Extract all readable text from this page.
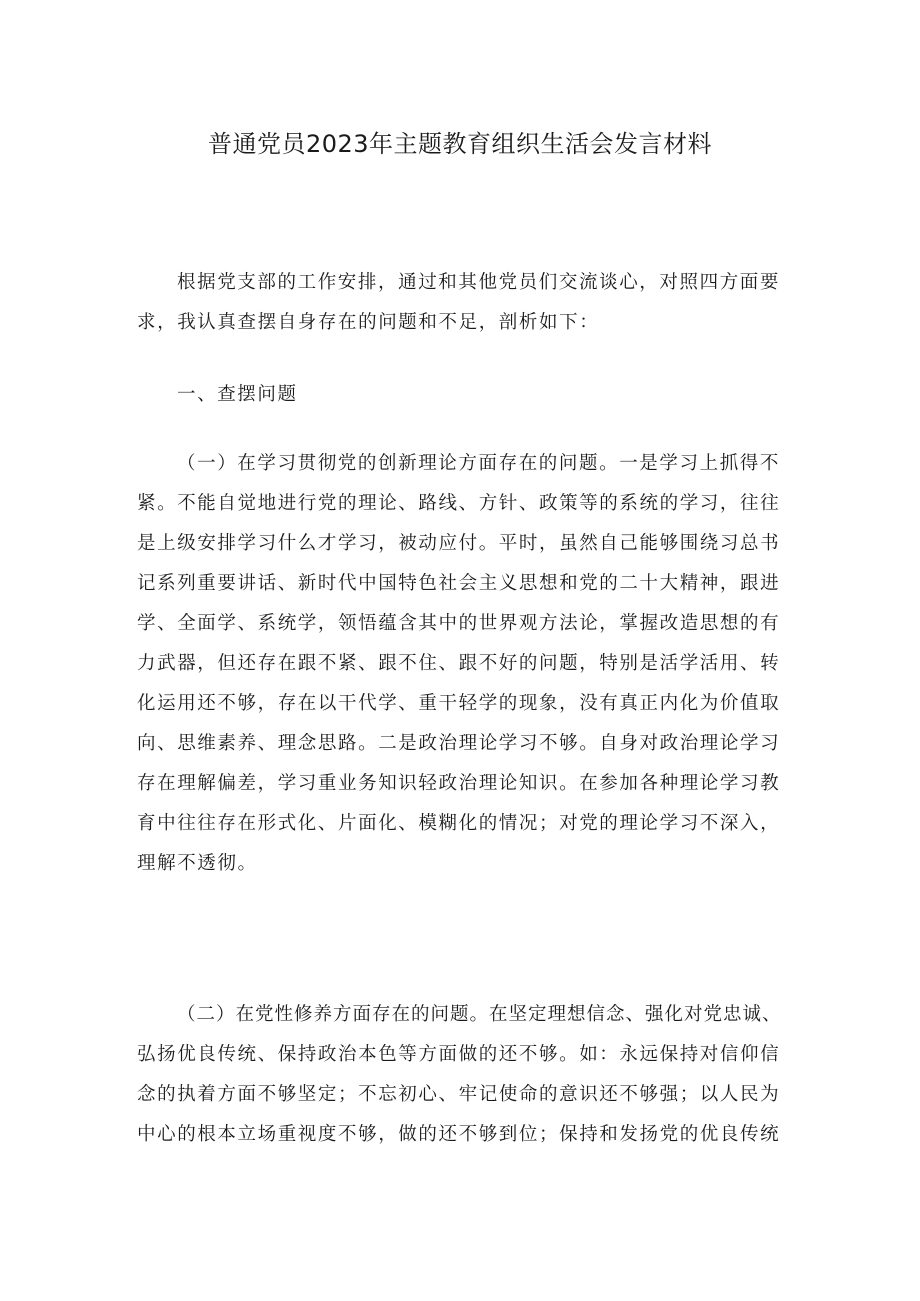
普通党员2023年主题教育组织生活会发言材料
根据党支部的工作安排，通过和其他党员们交流谈心，对照四方面要
求，我认真查摆自身存在的问题和不足，剖析如下：
一、查摆问题
（一）在学习贯彻党的创新理论方面存在的问题。一是学习上抓得不
紧。不能自觉地进行党的理论、路线、方针、政策等的系统的学习，往往
是上级安排学习什么才学习，被动应付。平时，虽然自己能够围绕习总书
记系列重要讲话、新时代中国特色社会主义思想和党的二十大精神，跟进
学、全面学、系统学，领悟蕴含其中的世界观方法论，掌握改造思想的有
力武器，但还存在跟不紧、跟不住、跟不好的问题，特别是活学活用、转
化运用还不够，存在以干代学、重干轻学的现象，没有真正内化为价值取
向、思维素养、理念思路。二是政治理论学习不够。自身对政治理论学习
存在理解偏差，学习重业务知识轻政治理论知识。在参加各种理论学习教
育中往往存在形式化、片面化、模糊化的情况；对党的理论学习不深入，
理解不透彻。
（二）在党性修养方面存在的问题。在坚定理想信念、强化对党忠诚、
弘扬优良传统、保持政治本色等方面做的还不够。如：永远保持对信仰信
念的执着方面不够坚定；不忘初心、牢记使命的意识还不够强；以人民为
中心的根本立场重视度不够，做的还不够到位；保持和发扬党的优良传统
